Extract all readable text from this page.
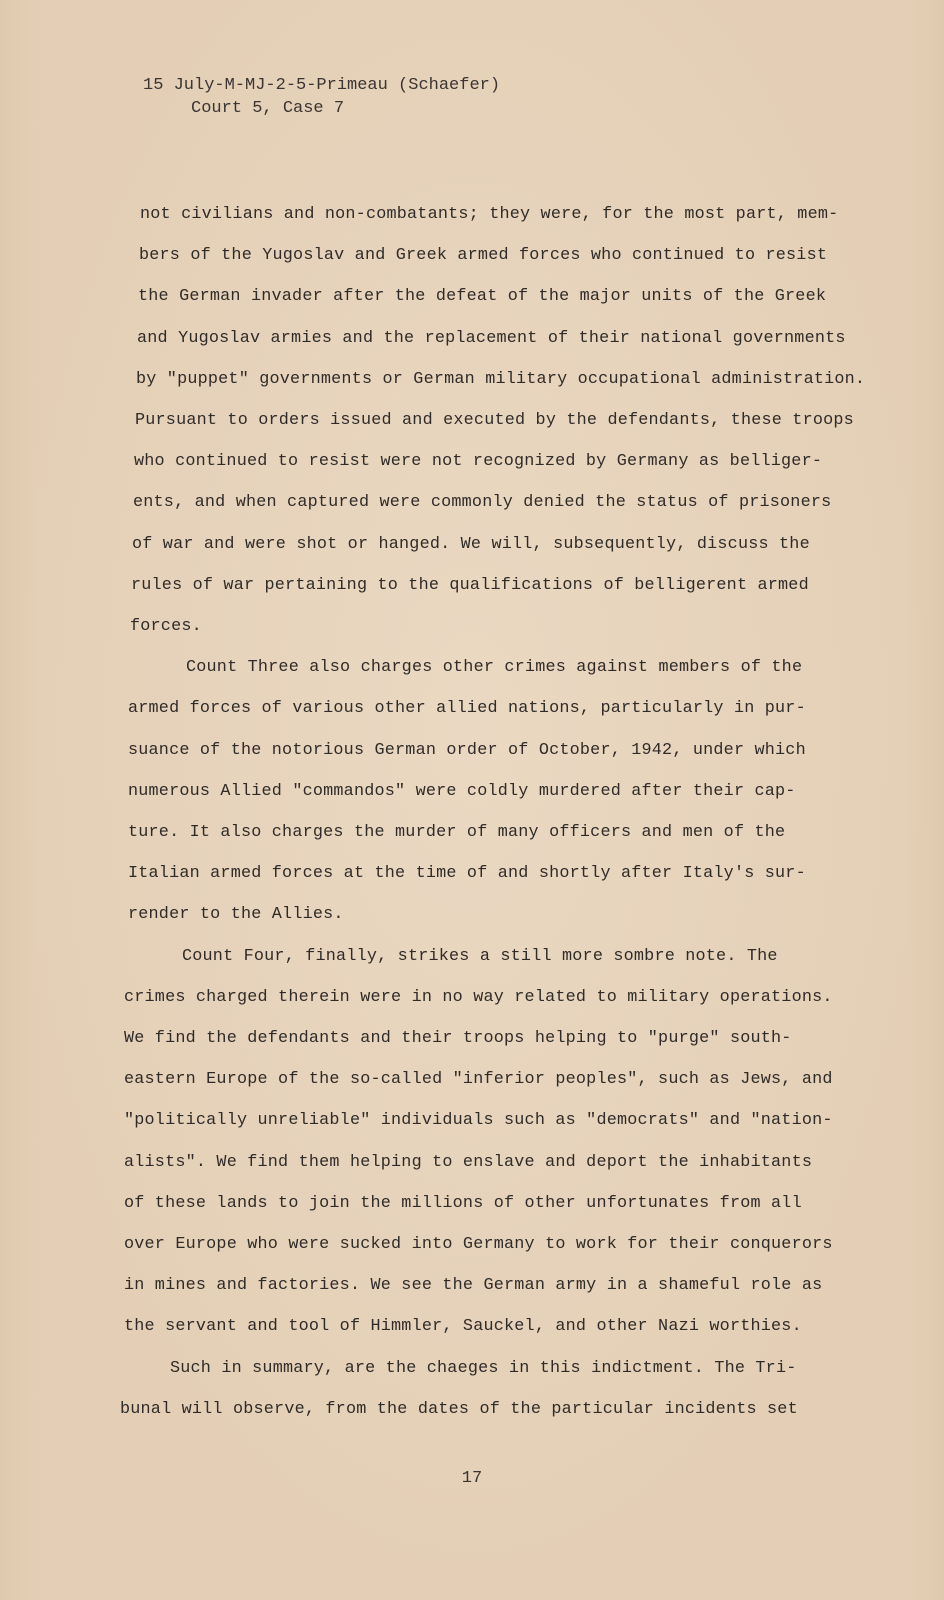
15 July-M-MJ-2-5-Primeau (Schaefer)
Court 5, Case 7
not civilians and non-combatants; they were, for the most part, mem-
bers of the Yugoslav and Greek armed forces who continued to resist
the German invader after the defeat of the major units of the Greek
and Yugoslav armies and the replacement of their national governments
by "puppet" governments or German military occupational administration.
Pursuant to orders issued and executed by the defendants, these troops
who continued to resist were not recognized by Germany as belliger-
ents, and when captured were commonly denied the status of prisoners
of war and were shot or hanged. We will, subsequently, discuss the
rules of war pertaining to the qualifications of belligerent armed
forces.
Count Three also charges other crimes against members of the
armed forces of various other allied nations, particularly in pur-
suance of the notorious German order of October, 1942, under which
numerous Allied "commandos" were coldly murdered after their cap-
ture. It also charges the murder of many officers and men of the
Italian armed forces at the time of and shortly after Italy's sur-
render to the Allies.
Count Four, finally, strikes a still more sombre note. The
crimes charged therein were in no way related to military operations.
We find the defendants and their troops helping to "purge" south-
eastern Europe of the so-called "inferior peoples", such as Jews, and
"politically unreliable" individuals such as "democrats" and "nation-
alists". We find them helping to enslave and deport the inhabitants
of these lands to join the millions of other unfortunates from all
over Europe who were sucked into Germany to work for their conquerors
in mines and factories. We see the German army in a shameful role as
the servant and tool of Himmler, Sauckel, and other Nazi worthies.
Such in summary, are the chaeges in this indictment. The Tri-
bunal will observe, from the dates of the particular incidents set
17
